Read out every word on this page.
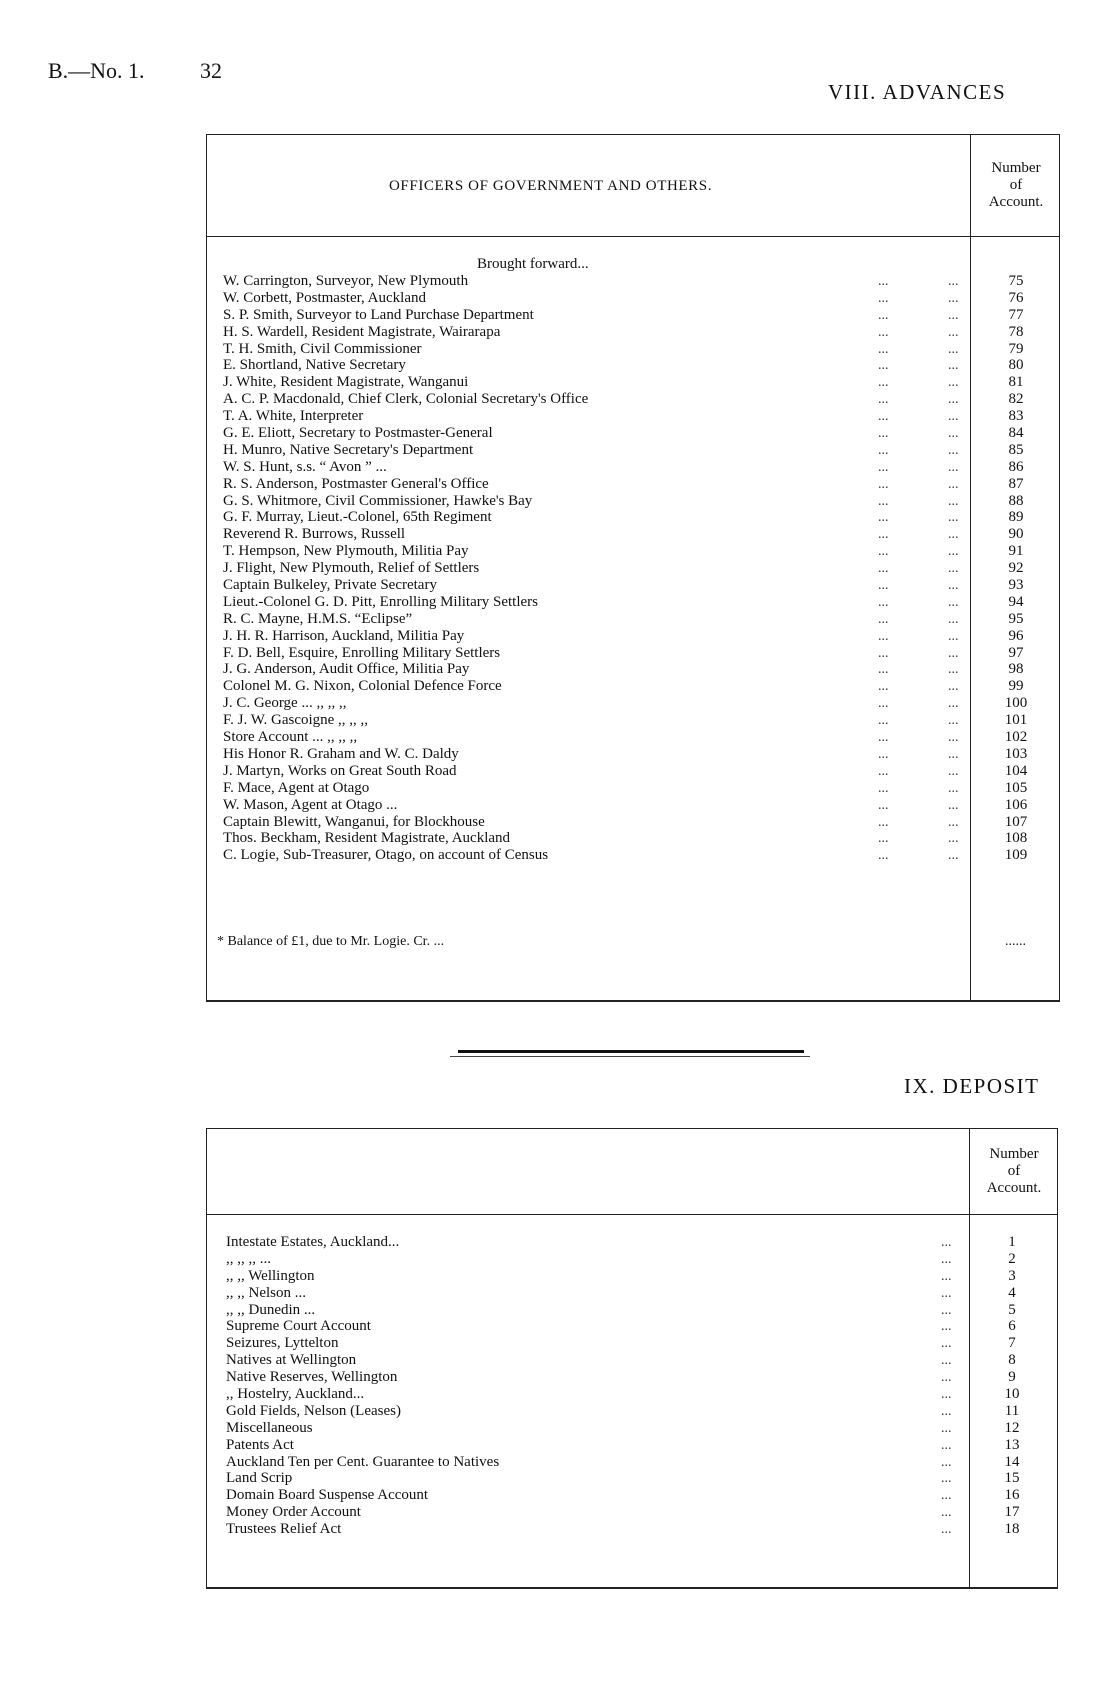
B.—No. 1.	32
VIII. ADVANCES
OFFICERS OF GOVERNMENT AND OTHERS.
Number
of
Account.
Brought forward...
W. Carrington, Surveyor, New Plymouth	...	...	75
W. Corbett, Postmaster, Auckland	...	...	76
S. P. Smith, Surveyor to Land Purchase Department	...	...	77
H. S. Wardell, Resident Magistrate, Wairarapa	...	...	78
T. H. Smith, Civil Commissioner	...	...	79
E. Shortland, Native Secretary	...	...	80
J. White, Resident Magistrate, Wanganui	...	...	81
A. C. P. Macdonald, Chief Clerk, Colonial Secretary's Office	...	...	82
T. A. White, Interpreter	...	...	83
G. E. Eliott, Secretary to Postmaster-General	...	...	84
H. Munro, Native Secretary's Department	...	...	85
W. S. Hunt, s.s. “ Avon ” ...	...	...	86
R. S. Anderson, Postmaster General's Office	...	...	87
G. S. Whitmore, Civil Commissioner, Hawke's Bay	...	...	88
G. F. Murray, Lieut.-Colonel, 65th Regiment	...	...	89
Reverend R. Burrows, Russell	...	...	90
T. Hempson, New Plymouth, Militia Pay	...	...	91
J. Flight, New Plymouth, Relief of Settlers	...	...	92
Captain Bulkeley, Private Secretary	...	...	93
Lieut.-Colonel G. D. Pitt, Enrolling Military Settlers	...	...	94
R. C. Mayne, H.M.S. “Eclipse”	...	...	95
J. H. R. Harrison, Auckland, Militia Pay	...	...	96
F. D. Bell, Esquire, Enrolling Military Settlers	...	...	97
J. G. Anderson, Audit Office, Militia Pay	...	...	98
Colonel M. G. Nixon, Colonial Defence Force	...	...	99
J. C. George ... ,, ,, ,,	...	...	100
F. J. W. Gascoigne ,, ,, ,,	...	...	101
Store Account ... ,, ,, ,,	...	...	102
His Honor R. Graham and W. C. Daldy	...	...	103
J. Martyn, Works on Great South Road	...	...	104
F. Mace, Agent at Otago	...	...	105
W. Mason, Agent at Otago ...	...	...	106
Captain Blewitt, Wanganui, for Blockhouse	...	...	107
Thos. Beckham, Resident Magistrate, Auckland	...	...	108
C. Logie, Sub-Treasurer, Otago, on account of Census	...	...	109
* Balance of £1, due to Mr. Logie. Cr. ...	......
IX. DEPOSIT
Number
of
Account.
Intestate Estates, Auckland...	...	1
,, ,, ,, ...	...	2
,, ,, Wellington	...	3
,, ,, Nelson ...	...	4
,, ,, Dunedin ...	...	5
Supreme Court Account	...	6
Seizures, Lyttelton	...	7
Natives at Wellington	...	8
Native Reserves, Wellington	...	9
,, Hostelry, Auckland...	...	10
Gold Fields, Nelson (Leases)	...	11
Miscellaneous	...	12
Patents Act	...	13
Auckland Ten per Cent. Guarantee to Natives	...	14
Land Scrip	...	15
Domain Board Suspense Account	...	16
Money Order Account	...	17
Trustees Relief Act	...	18
